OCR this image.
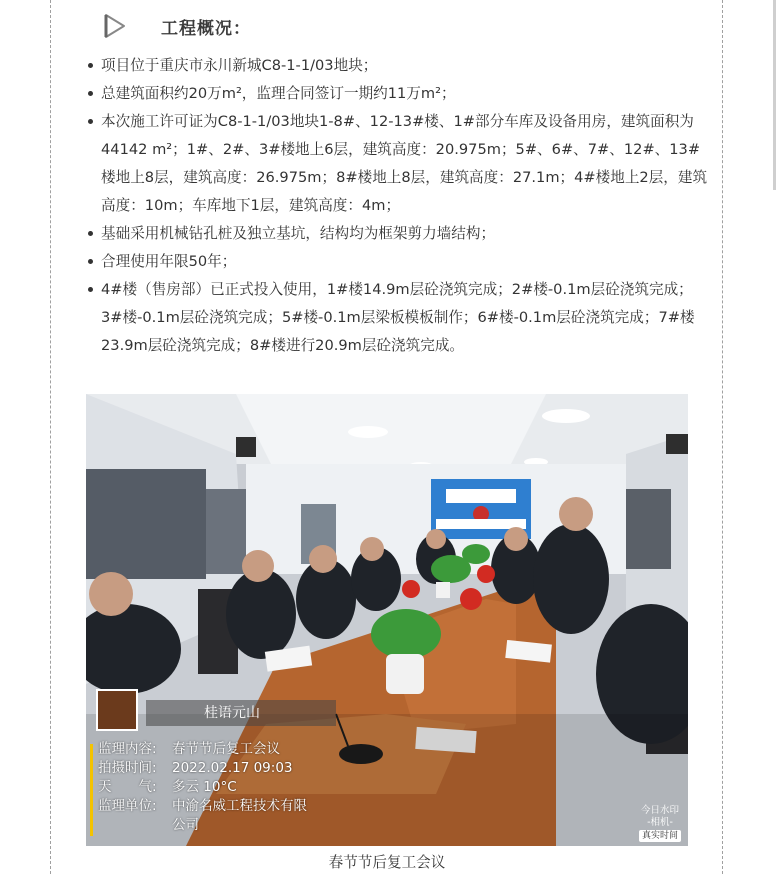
工程概况：
项目位于重庆市永川新城C8-1-1/03地块；
总建筑面积约20万m²，监理合同签订一期约11万m²；
本次施工许可证为C8-1-1/03地块1-8#、12-13#楼、1#部分车库及设备用房，建筑面积为44142 m²；1#、2#、3#楼地上6层，建筑高度：20.975m；5#、6#、7#、12#、13#楼地上8层，建筑高度：26.975m；8#楼地上8层，建筑高度：27.1m；4#楼地上2层，建筑高度：10m；车库地下1层，建筑高度：4m；
基础采用机械钻孔桩及独立基坑，结构均为框架剪力墙结构；
合理使用年限50年；
4#楼（售房部）已正式投入使用，1#楼14.9m层砼浇筑完成；2#楼-0.1m层砼浇筑完成；3#楼-0.1m层砼浇筑完成；5#楼-0.1m层梁板模板制作；6#楼-0.1m层砼浇筑完成；7#楼23.9m层砼浇筑完成；8#楼进行20.9m层砼浇筑完成。
桂语元山
监理内容:	春节节后复工会议
拍摄时间:	2022.02.17 09:03
天　　气:	多云 10°C
监理单位:	中渝名威工程技术有限公司
今日水印
-相机-
真实时间
春节节后复工会议
